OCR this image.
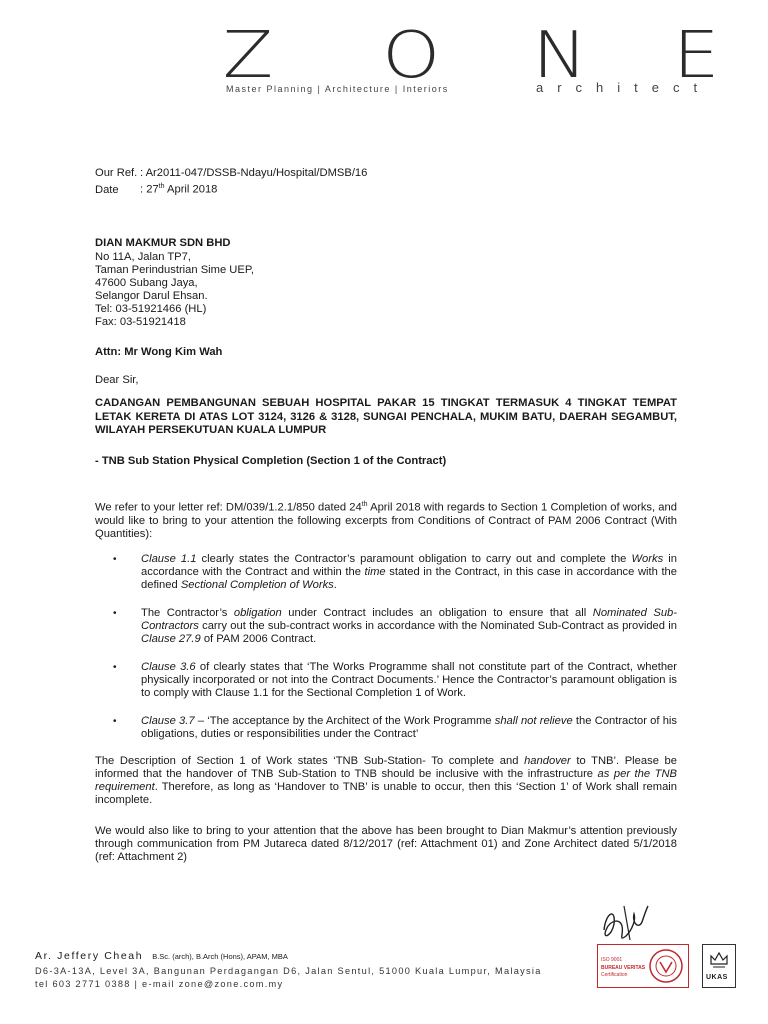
Z O N E
Master Planning | Architecture | Interiors	architect
Our Ref. : Ar2011-047/DSSB-Ndayu/Hospital/DMSB/16
Date : 27th April 2018
DIAN MAKMUR SDN BHD
No 11A, Jalan TP7,
Taman Perindustrian Sime UEP,
47600 Subang Jaya,
Selangor Darul Ehsan.
Tel: 03-51921466 (HL)
Fax: 03-51921418
Attn: Mr Wong Kim Wah
Dear Sir,
CADANGAN PEMBANGUNAN SEBUAH HOSPITAL PAKAR 15 TINGKAT TERMASUK 4 TINGKAT TEMPAT LETAK KERETA DI ATAS LOT 3124, 3126 & 3128, SUNGAI PENCHALA, MUKIM BATU, DAERAH SEGAMBUT, WILAYAH PERSEKUTUAN KUALA LUMPUR
- TNB Sub Station Physical Completion (Section 1 of the Contract)
We refer to your letter ref: DM/039/1.2.1/850 dated 24th April 2018 with regards to Section 1 Completion of works, and would like to bring to your attention the following excerpts from Conditions of Contract of PAM 2006 Contract (With Quantities):
• Clause 1.1 clearly states the Contractor’s paramount obligation to carry out and complete the Works in accordance with the Contract and within the time stated in the Contract, in this case in accordance with the defined Sectional Completion of Works.
• The Contractor’s obligation under Contract includes an obligation to ensure that all Nominated Sub-Contractors carry out the sub-contract works in accordance with the Nominated Sub-Contract as provided in Clause 27.9 of PAM 2006 Contract.
• Clause 3.6 of clearly states that ‘The Works Programme shall not constitute part of the Contract, whether physically incorporated or not into the Contract Documents.’ Hence the Contractor’s paramount obligation is to comply with Clause 1.1 for the Sectional Completion 1 of Work.
• Clause 3.7 – ‘The acceptance by the Architect of the Work Programme shall not relieve the Contractor of his obligations, duties or responsibilities under the Contract’
The Description of Section 1 of Work states ‘TNB Sub-Station- To complete and handover to TNB’. Please be informed that the handover of TNB Sub-Station to TNB should be inclusive with the infrastructure as per the TNB requirement. Therefore, as long as ‘Handover to TNB’ is unable to occur, then this ‘Section 1’ of Work shall remain incomplete.
We would also like to bring to your attention that the above has been brought to Dian Makmur’s attention previously through communication from PM Jutareca dated 8/12/2017 (ref: Attachment 01) and Zone Architect dated 5/1/2018 (ref: Attachment 2)
ISO 9001
BUREAU VERITAS
Certification	UKAS
Ar. Jeffery Cheah B.Sc. (arch), B.Arch (Hons), APAM, MBA
D6-3A-13A, Level 3A, Bangunan Perdagangan D6, Jalan Sentul, 51000 Kuala Lumpur, Malaysia
tel 603 2771 0388 | e-mail zone@zone.com.my
